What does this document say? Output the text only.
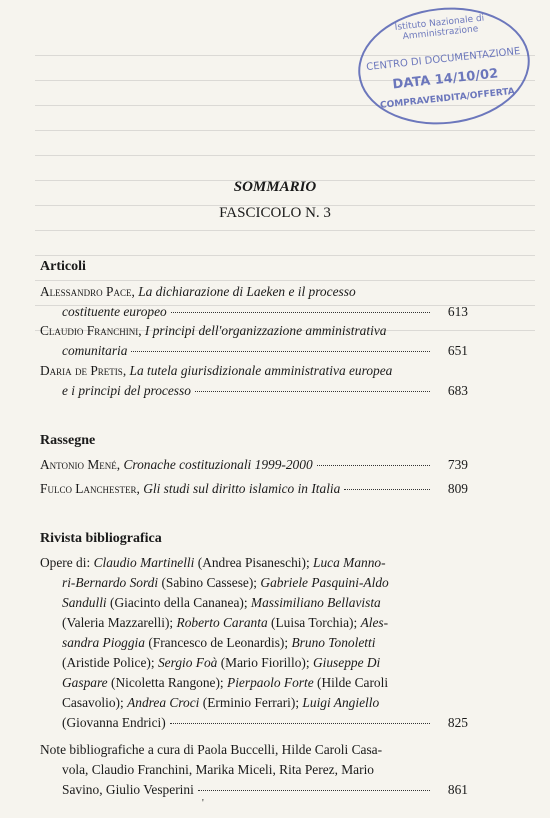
Istituto Nazionale di Amministrazione
CENTRO DI DOCUMENTAZIONE
DATA 14/10/02
COMPRAVENDITA/OFFERTA
SOMMARIO
FASCICOLO N. 3
Articoli
Alessandro Pace, La dichiarazione di Laeken e il processo
costituente europeo	613
Claudio Franchini, I principi dell'organizzazione amministrativa
comunitaria	651
Daria de Pretis, La tutela giurisdizionale amministrativa europea
e i principi del processo	683
Rassegne
Antonio Mené, Cronache costituzionali 1999-2000	739
Fulco Lanchester, Gli studi sul diritto islamico in Italia	809
Rivista bibliografica
Opere di: Claudio Martinelli (Andrea Pisaneschi); Luca Manno-
ri-Bernardo Sordi (Sabino Cassese); Gabriele Pasquini-Aldo
Sandulli (Giacinto della Cananea); Massimiliano Bellavista
(Valeria Mazzarelli); Roberto Caranta (Luisa Torchia); Ales-
sandra Pioggia (Francesco de Leonardis); Bruno Tonoletti
(Aristide Police); Sergio Foà (Mario Fiorillo); Giuseppe Di
Gaspare (Nicoletta Rangone); Pierpaolo Forte (Hilde Caroli
Casavolio); Andrea Croci (Erminio Ferrari); Luigi Angiello
(Giovanna Endrici)	825
Note bibliografiche a cura di Paola Buccelli, Hilde Caroli Casa-
vola, Claudio Franchini, Marika Miceli, Rita Perez, Mario
Savino, Giulio Vesperini	861
'
